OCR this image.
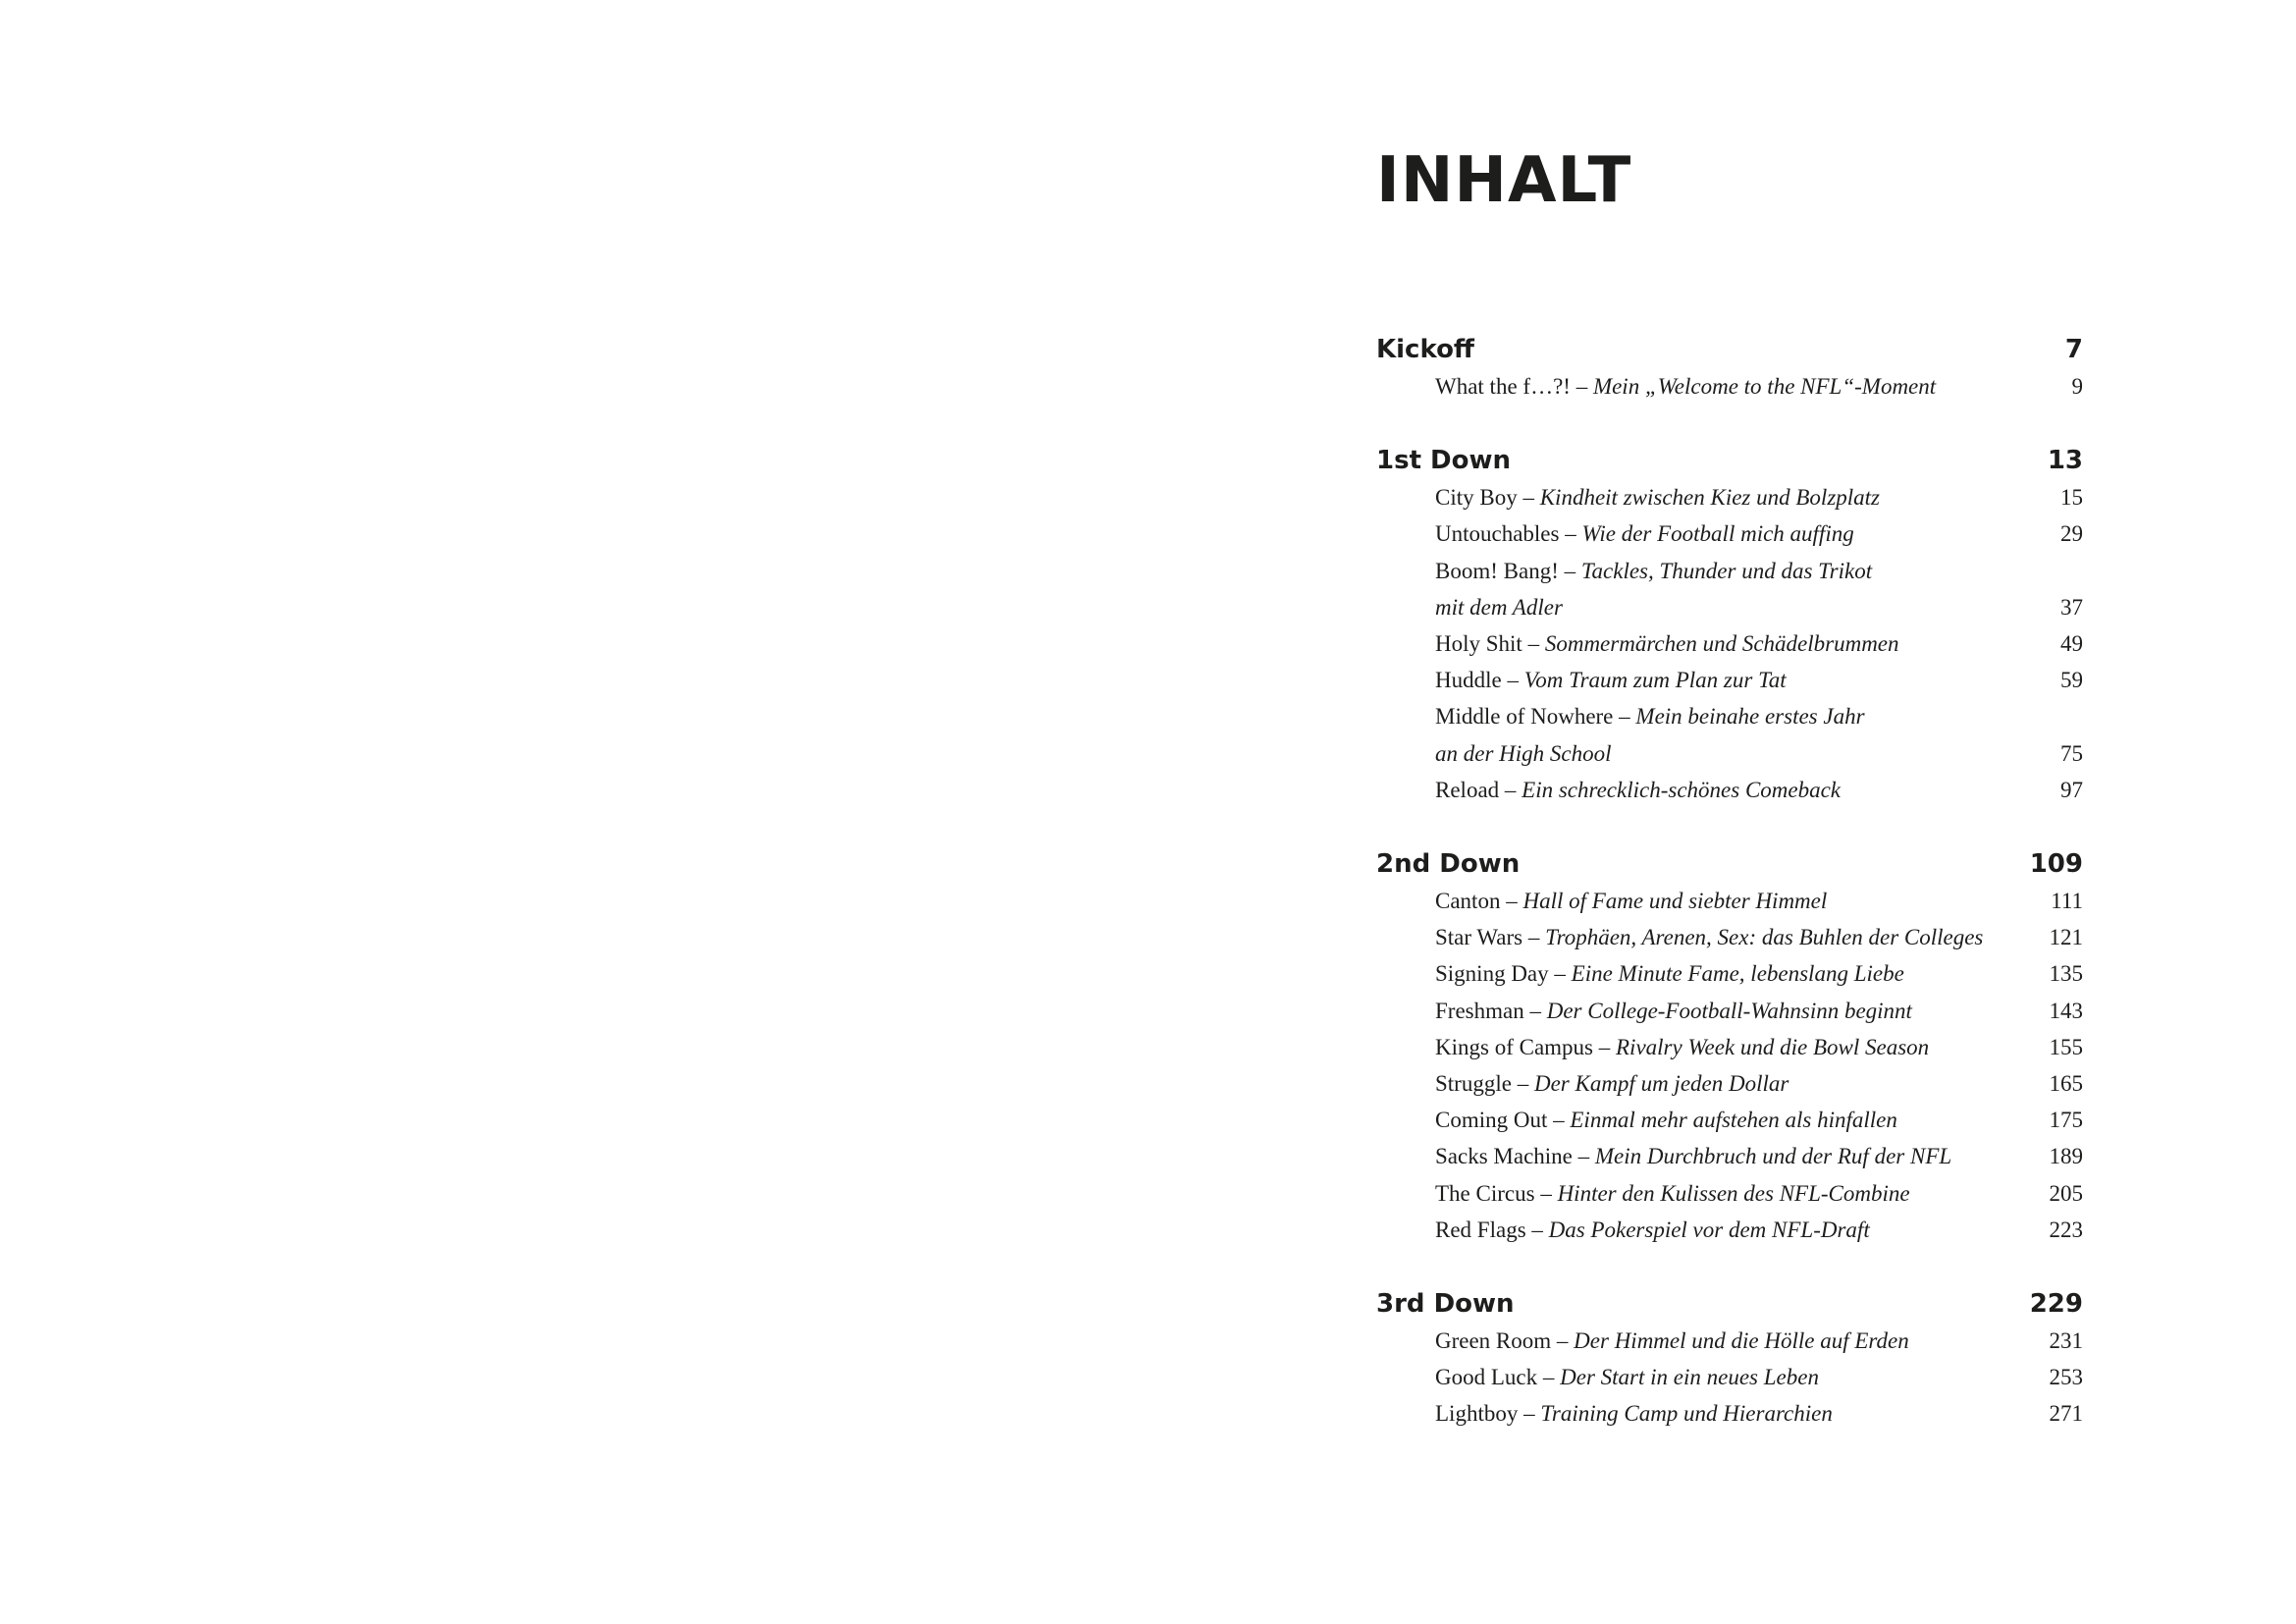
INHALT
Kickoff	7
What the f…?! – Mein „Welcome to the NFL“-Moment	9
1st Down	13
City Boy – Kindheit zwischen Kiez und Bolzplatz	15
Untouchables – Wie der Football mich auffing	29
Boom! Bang! – Tackles, Thunder und das Trikot
mit dem Adler	37
Holy Shit – Sommermärchen und Schädelbrummen	49
Huddle – Vom Traum zum Plan zur Tat	59
Middle of Nowhere – Mein beinahe erstes Jahr
an der High School	75
Reload – Ein schrecklich-schönes Comeback	97
2nd Down	109
Canton – Hall of Fame und siebter Himmel	111
Star Wars – Trophäen, Arenen, Sex: das Buhlen der Colleges	121
Signing Day – Eine Minute Fame, lebenslang Liebe	135
Freshman – Der College-Football-Wahnsinn beginnt	143
Kings of Campus – Rivalry Week und die Bowl Season	155
Struggle – Der Kampf um jeden Dollar	165
Coming Out – Einmal mehr aufstehen als hinfallen	175
Sacks Machine – Mein Durchbruch und der Ruf der NFL	189
The Circus – Hinter den Kulissen des NFL-Combine	205
Red Flags – Das Pokerspiel vor dem NFL-Draft	223
3rd Down	229
Green Room – Der Himmel und die Hölle auf Erden	231
Good Luck – Der Start in ein neues Leben	253
Lightboy – Training Camp und Hierarchien	271
